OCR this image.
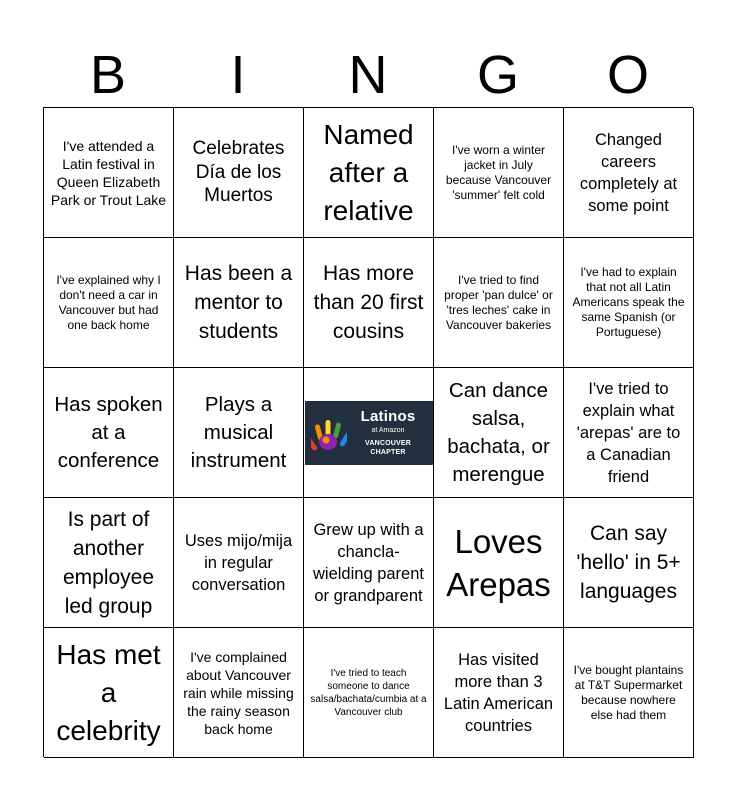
B	I	N	G	O
I've attended a Latin festival in Queen Elizabeth Park or Trout Lake
Celebrates Día de los Muertos
Named after a relative
I've worn a winter jacket in July because Vancouver 'summer' felt cold
Changed careers completely at some point
I've explained why I don't need a car in Vancouver but had one back home
Has been a mentor to students
Has more than 20 first cousins
I've tried to find proper 'pan dulce' or 'tres leches' cake in Vancouver bakeries
I've had to explain that not all Latin Americans speak the same Spanish (or Portuguese)
Has spoken at a conference
Plays a musical instrument
Latinos
at Amazon
VANCOUVER CHAPTER
Can dance salsa, bachata, or merengue
I've tried to explain what 'arepas' are to a Canadian friend
Is part of another employee led group
Uses mijo/mija in regular conversation
Grew up with a chancla-wielding parent or grandparent
Loves Arepas
Can say 'hello' in 5+ languages
Has met a celebrity
I've complained about Vancouver rain while missing the rainy season back home
I've tried to teach someone to dance salsa/bachata/cumbia at a Vancouver club
Has visited more than 3 Latin American countries
I've bought plantains at T&T Supermarket because nowhere else had them
